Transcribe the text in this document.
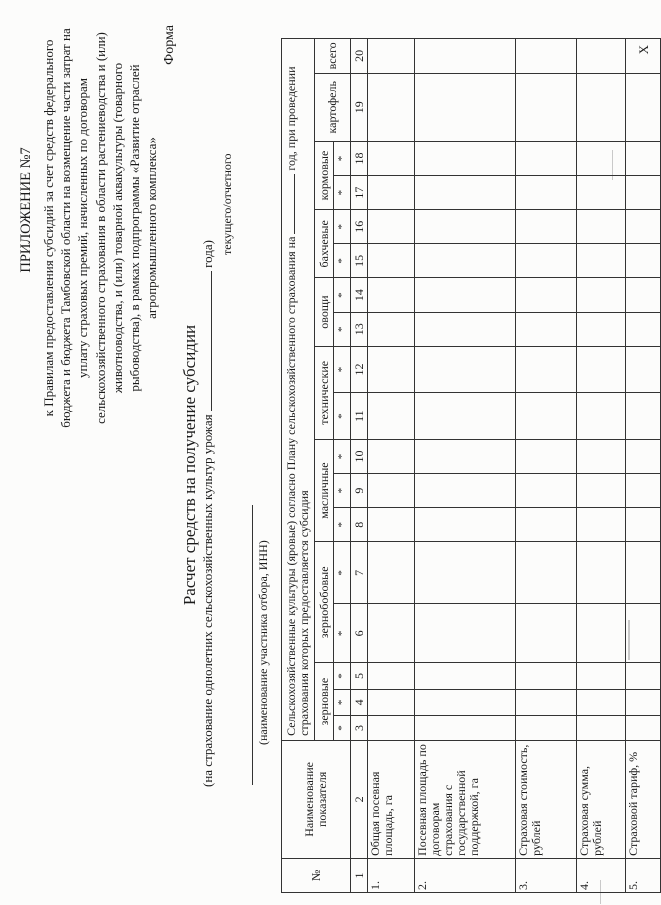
ПРИЛОЖЕНИЕ №7 к Правилам предоставления субсидий за счет средств федерального бюджета и бюджета Тамбовской области на возмещение части затрат на уплату страховых премий, начисленных по договорам сельскохозяйственного страхования в области растениеводства и (или) животноводства, и (или) товарной аквакультуры (товарного рыбоводства), в рамках подпрограммы «Развитие отраслей агропромышленного комплекса»
Форма
Расчет средств на получение субсидии (на страхование однолетних сельскохозяйственных культур урожая  года) текущего/отчетного
(наименование участника отбора, ИНН)
№	Наименование показателя	Сельскохозяйственные культуры (яровые) согласно Плану сельскохозяйственного страхования на  год, при проведении страхования которых предоставляется субсидия																	
		зерновые			зернобобовые		масличные			технические		овощи		бахчевые		кормовые		картофель	всего
		*	*	*	*	*	*	*	*	*	*	*	*	*	*	*	*		
1	2	3	4	5	6	7	8	9	10	11	12	13	14	15	16	17	18	19	20
1.	Общая посевная площадь, га																		
2.	Посевная площадь по договорам страхования с государственной поддержкой, га																		
3.	Страховая стоимость, рублей																		
4.	Страховая сумма, рублей																		
5.	Страховой тариф, %																		X
